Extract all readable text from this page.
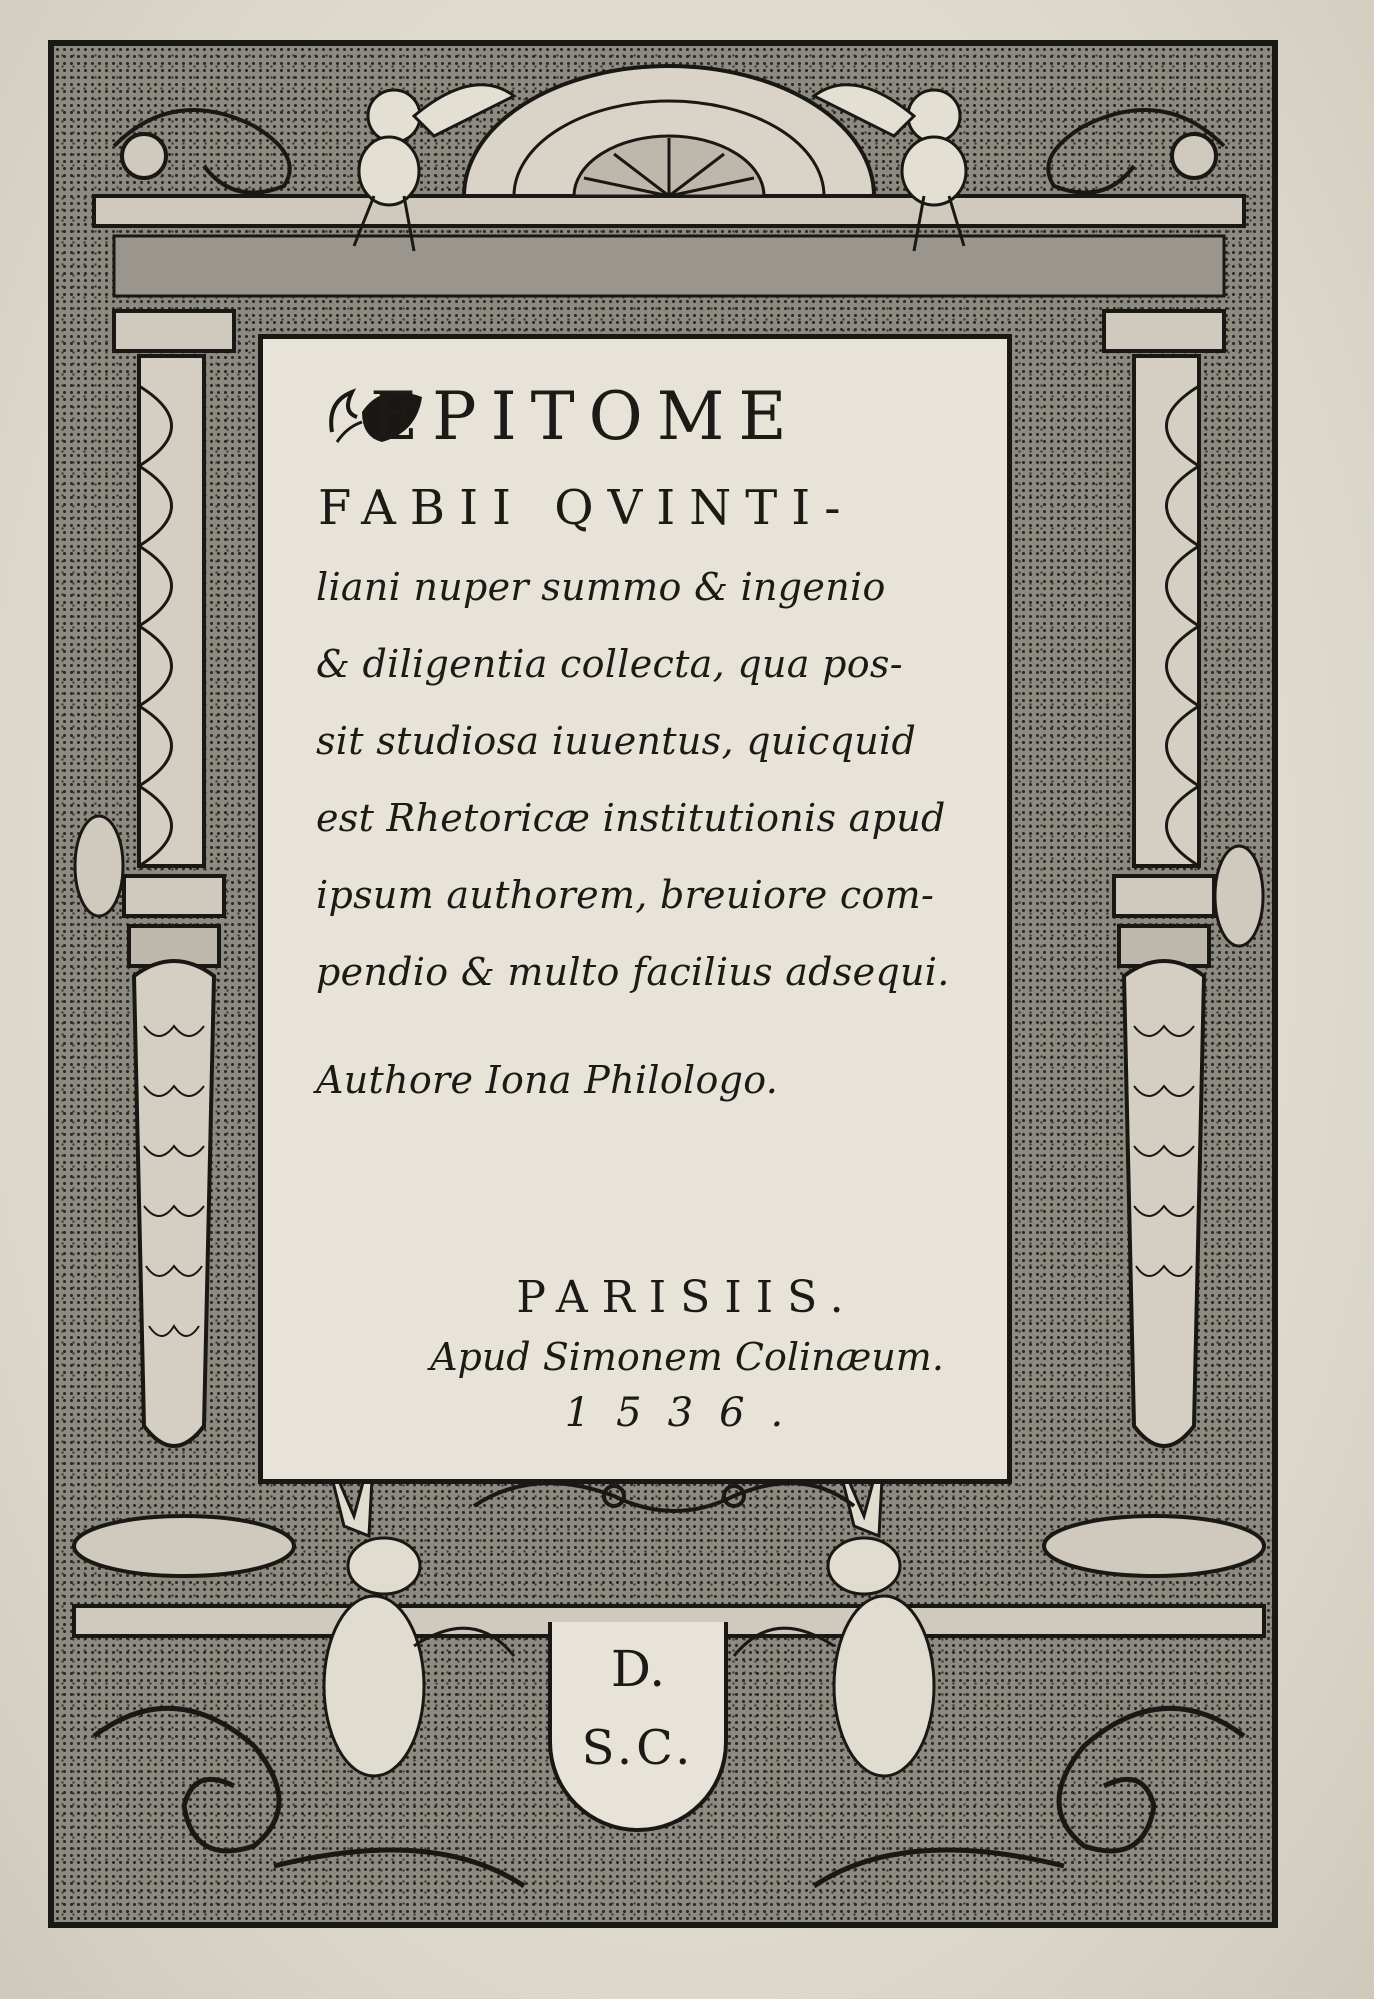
EPITOME
FABII QVINTI-
liani nuper summo & ingenio
& diligentia collecta, qua pos-
sit studiosa iuuentus, quicquid
est Rhetoricæ institutionis apud
ipsum authorem, breuiore com-
pendio & multo facilius adsequi.
Authore Iona Philologo.
PARISIIS.
Apud Simonem Colinæum.
1536.
D.
S.C.
